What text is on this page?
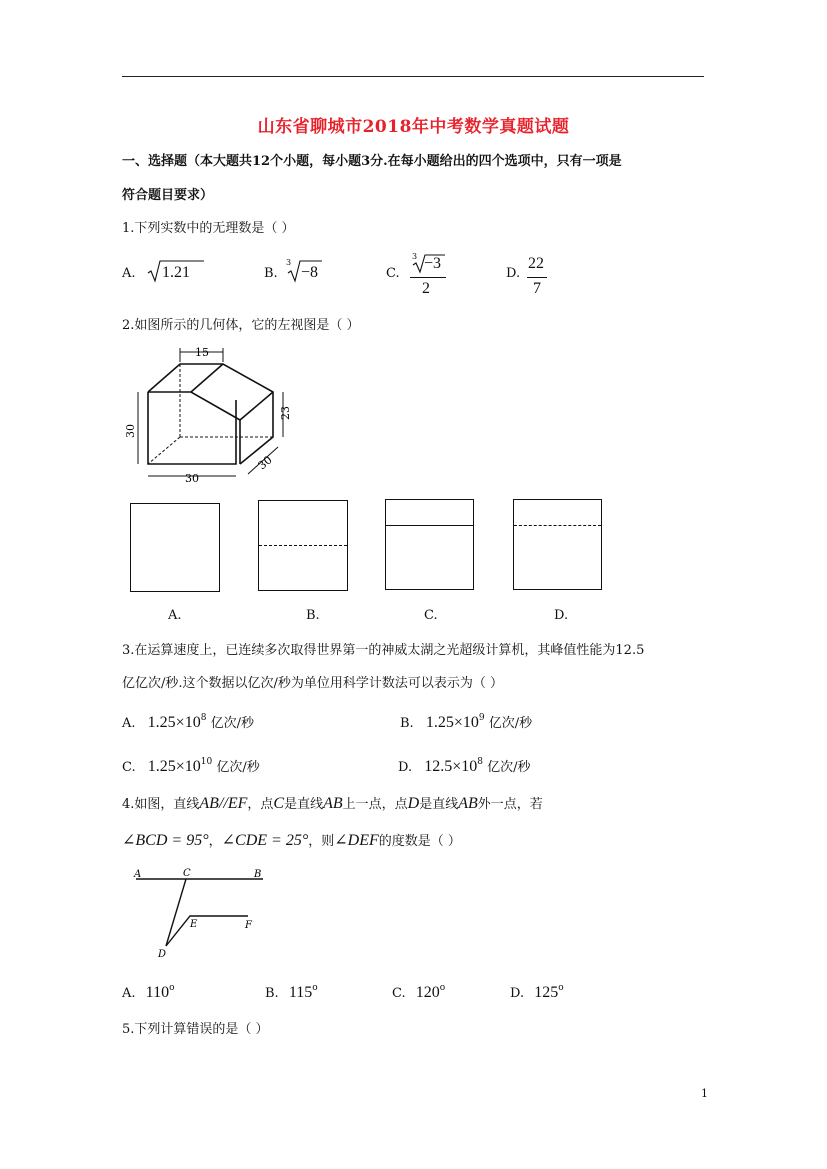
山东省聊城市2018年中考数学真题试题
一、选择题（本大题共12个小题，每小题3分.在每小题给出的四个选项中，只有一项是
符合题目要求）
1.下列实数中的无理数是（ ）
A. 1.21	B.
3
−8	C.
3 −3
2
D.
22
7
2.如图所示的几何体，它的左视图是（ ）
15
23
30
30
30
A.	B.	C.	D.
3.在运算速度上，已连续多次取得世界第一的神威太湖之光超级计算机，其峰值性能为12.5
亿亿次/秒.这个数据以亿次/秒为单位用科学计数法可以表示为（ ）
A. $1.25\times 10^8$ 亿次/秒	B. $1.25\times 10^9$ 亿次/秒
C. $1.25\times 10^{10}$ 亿次/秒	D. $12.5\times 10^8$ 亿次/秒
4.如图，直线AB//EF，点C是直线AB上一点，点D是直线AB外一点，若
∠BCD = 95°，∠CDE = 25°，则∠DEF的度数是（ ）
A	C	B
E	F
D
A. 110$^o$	B. 115$^o$	C. 120$^o$	D. 125$^o$
5.下列计算错误的是（ ）
1
